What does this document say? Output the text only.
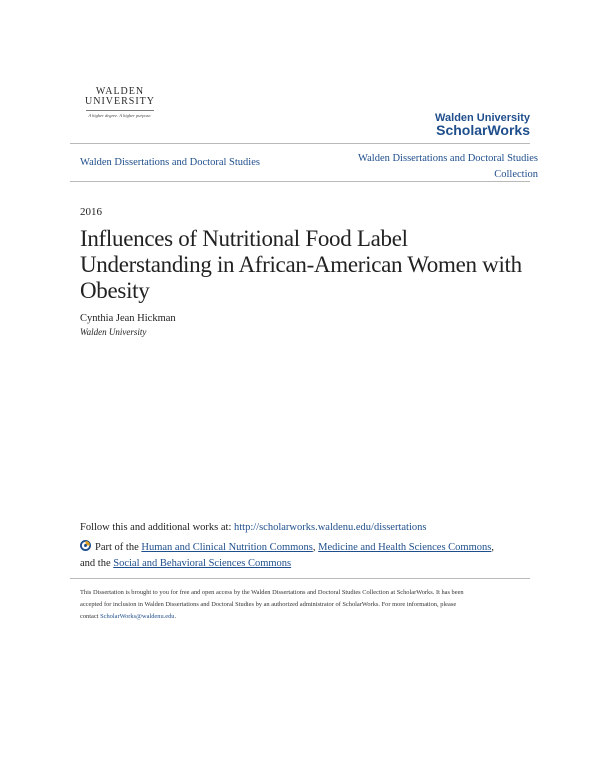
WALDEN
UNIVERSITY
A higher degree. A higher purpose.	Walden University
ScholarWorks
Walden Dissertations and Doctoral Studies	Walden Dissertations and Doctoral Studies
Collection
2016
Influences of Nutritional Food Label Understanding in African-American Women with Obesity
Cynthia Jean Hickman
Walden University
Follow this and additional works at: http://scholarworks.waldenu.edu/dissertations
Part of the Human and Clinical Nutrition Commons, Medicine and Health Sciences Commons,
and the Social and Behavioral Sciences Commons
This Dissertation is brought to you for free and open access by the Walden Dissertations and Doctoral Studies Collection at ScholarWorks. It has been
accepted for inclusion in Walden Dissertations and Doctoral Studies by an authorized administrator of ScholarWorks. For more information, please
contact ScholarWorks@waldenu.edu.
